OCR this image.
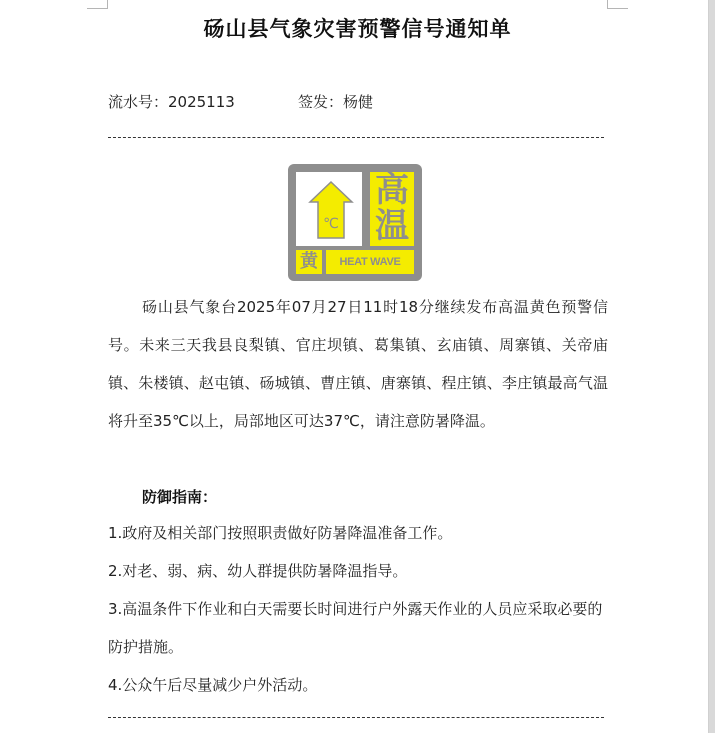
砀山县气象灾害预警信号通知单
流水号：2025113	签发：杨健
℃
高
温
黄	HEAT WAVE
砀山县气象台2025年07月27日11时18分继续发布高温黄色预警信号。未来三天我县良梨镇、官庄坝镇、葛集镇、玄庙镇、周寨镇、关帝庙镇、朱楼镇、赵屯镇、砀城镇、曹庄镇、唐寨镇、程庄镇、李庄镇最高气温将升至35℃以上，局部地区可达37℃，请注意防暑降温。
防御指南：
1.政府及相关部门按照职责做好防暑降温准备工作。
2.对老、弱、病、幼人群提供防暑降温指导。
3.高温条件下作业和白天需要长时间进行户外露天作业的人员应采取必要的防护措施。
4.公众午后尽量减少户外活动。
